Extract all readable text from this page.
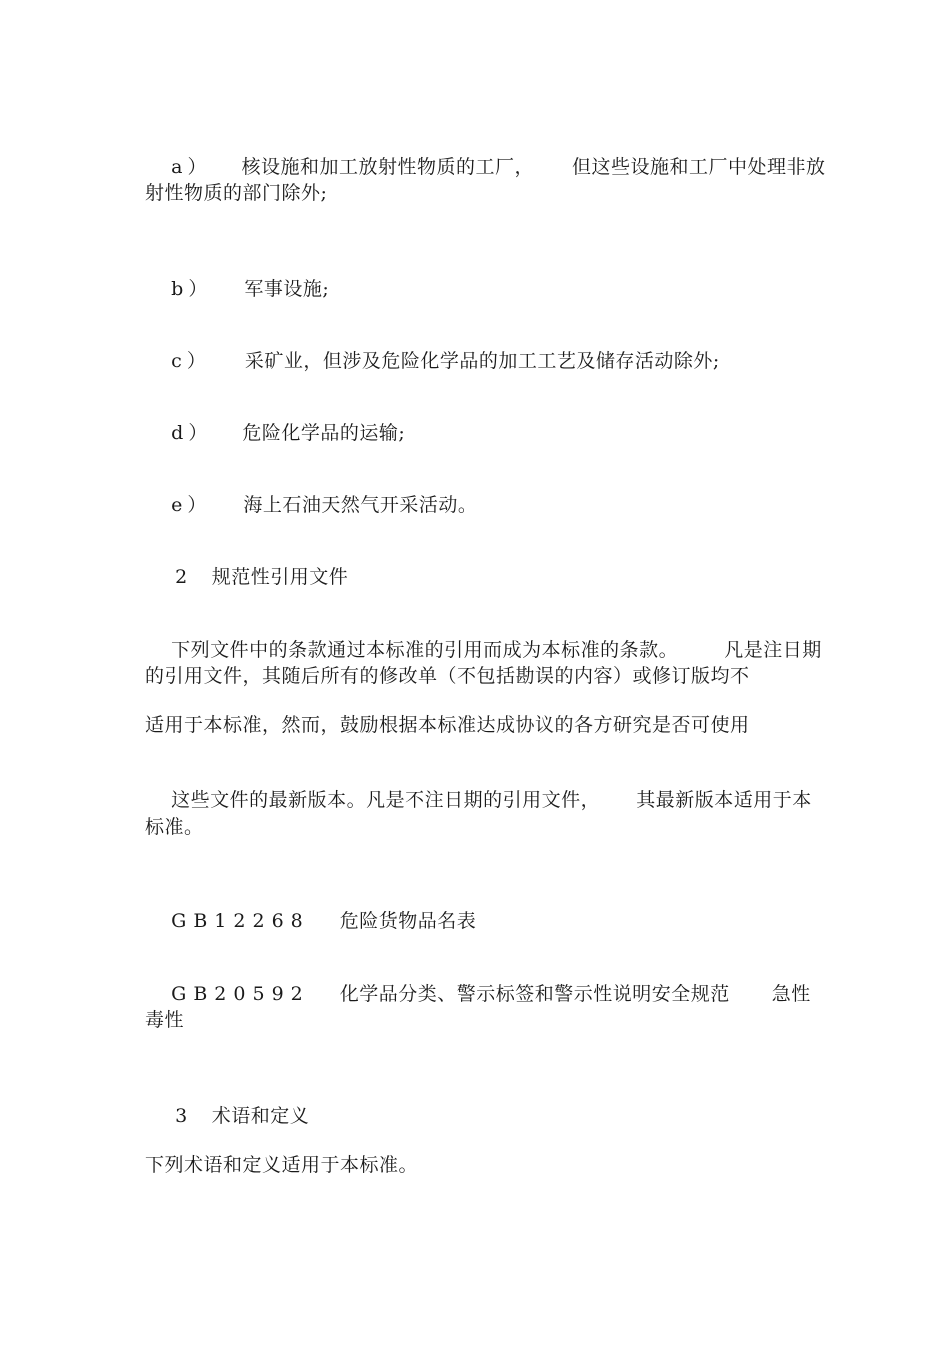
a） 核设施和加工放射性物质的工厂， 但这些设施和工厂中处理非放

射性物质的部门除外;

b） 军事设施;

c） 采矿业，但涉及危险化学品的加工工艺及储存活动除外;

d） 危险化学品的运输;

e） 海上石油天然气开采活动。

2 规范性引用文件

下列文件中的条款通过本标准的引用而成为本标准的条款。 凡是注日期

的引用文件，其随后所有的修改单（不包括勘误的内容）或修订版均不
适用于本标准，然而，鼓励根据本标准达成协议的各方研究是否可使用

这些文件的最新版本。凡是不注日期的引用文件， 其最新版本适用于本

标准。

GB12268 危险货物品名表

GB20592 化学品分类、警示标签和警示性说明安全规范 急性

毒性

3 术语和定义

下列术语和定义适用于本标准。
